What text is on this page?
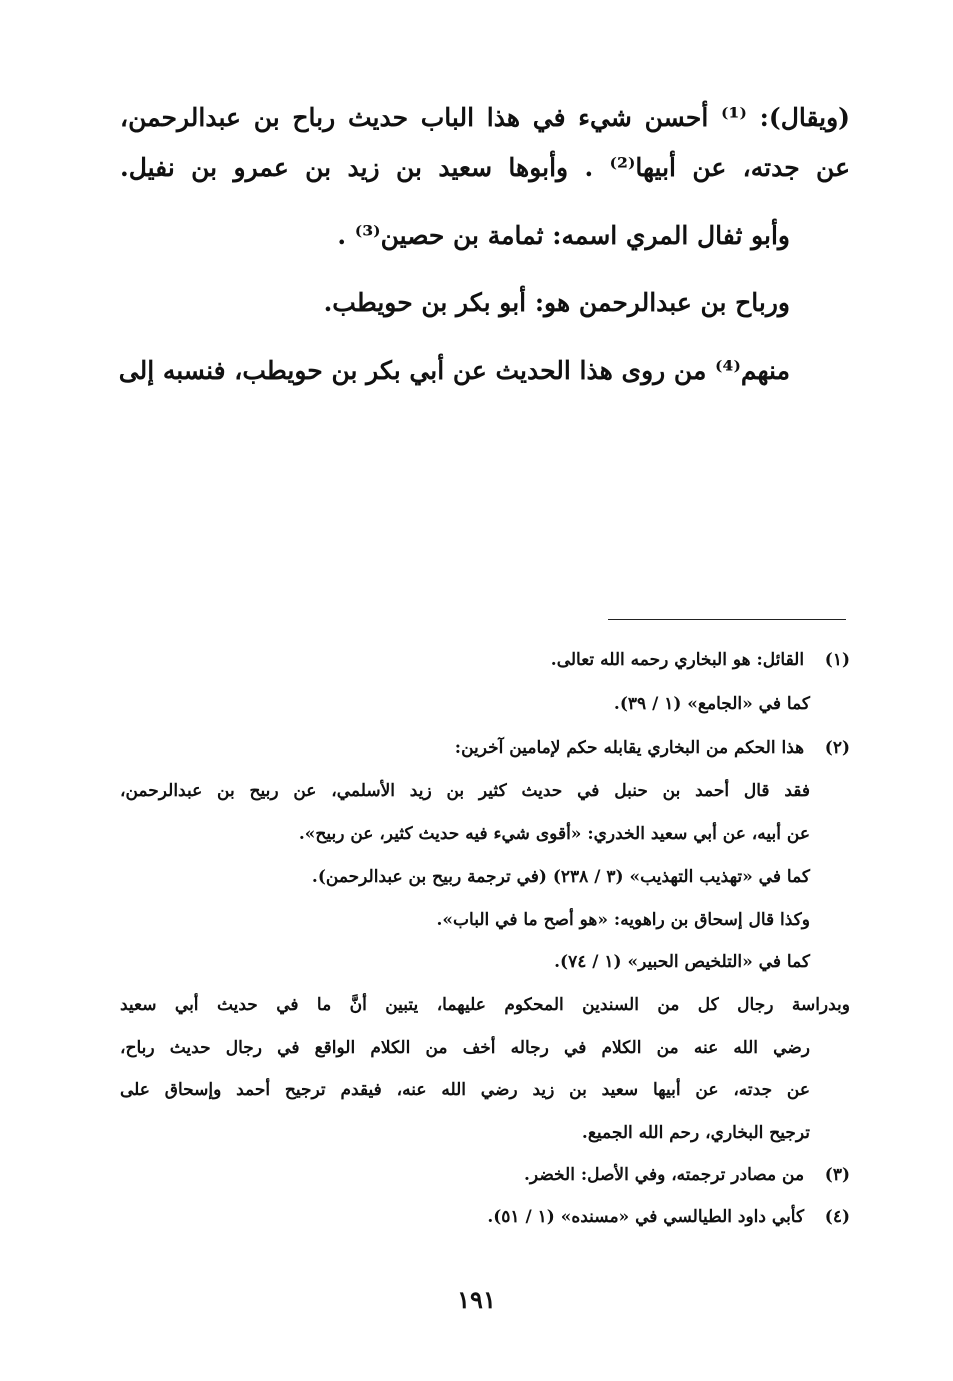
(ويقال): ⁽¹⁾ أحسن شيء في هذا الباب حديث رباح بن عبدالرحمن،
عن جدته، عن أبيها⁽²⁾ . وأبوها سعيد بن زيد بن عمرو بن نفيل.
وأبو ثفال المري اسمه: ثمامة بن حصين⁽³⁾ .
ورباح بن عبدالرحمن هو: أبو بكر بن حويطب.
منهم⁽⁴⁾ من روى هذا الحديث عن أبي بكر بن حويطب، فنسبه إلى
(١) القائل: هو البخاري رحمه الله تعالى.
كما في «الجامع» (١ / ٣٩).
(٢) هذا الحكم من البخاري يقابله حكم لإمامين آخرين:
فقد قال أحمد بن حنبل في حديث كثير بن زيد الأسلمي، عن ربيح بن عبدالرحمن،
عن أبيه، عن أبي سعيد الخدري: «أقوى شيء فيه حديث كثير، عن ربيح».
كما في «تهذيب التهذيب» (٣ / ٢٣٨) (في ترجمة ربيح بن عبدالرحمن).
وكذا قال إسحاق بن راهويه: «هو أصح ما في الباب».
كما في «التلخيص الحبير» (١ / ٧٤).
وبدراسة رجال كل من السندين المحكوم عليهما، يتبين أنَّ ما في حديث أبي سعيد
رضي الله عنه من الكلام في رجاله أخف من الكلام الواقع في رجال حديث رباح،
عن جدته، عن أبيها سعيد بن زيد رضي الله عنه، فيقدم ترجيح أحمد وإسحاق على
ترجيح البخاري، رحم الله الجميع.
(٣) من مصادر ترجمته، وفي الأصل: الخضر.
(٤) كأبي داود الطيالسي في «مسنده» (١ / ٥١).
١٩١
